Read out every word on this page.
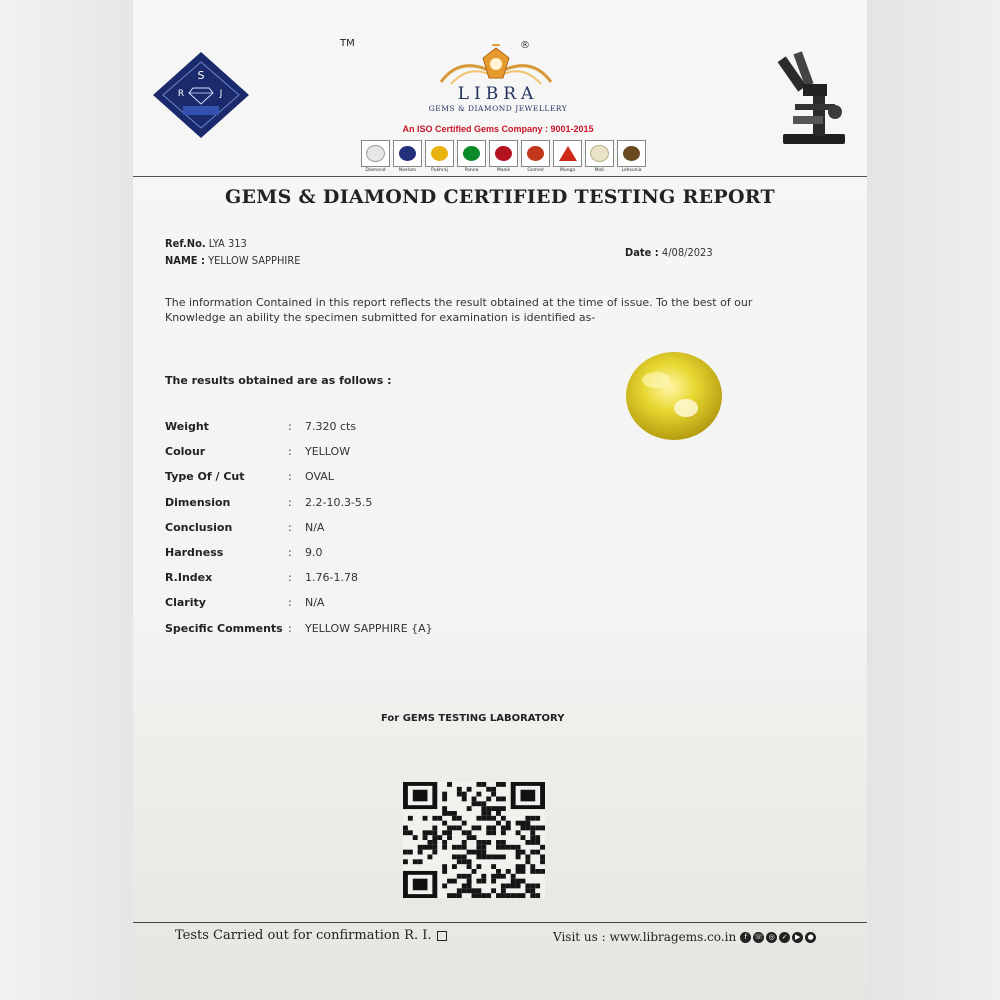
S
R	J
TM	®
LIBRA
GEMS & DIAMOND JEWELLERY
An ISO Certified Gems Company : 9001-2015
Diamond	Neelam	Pukhraj	Panna	Manik	Gomed	Munga	Moti	Lehsunia
GEMS & DIAMOND CERTIFIED TESTING REPORT
Ref.No. LYA 313
NAME : YELLOW SAPPHIRE
Date : 4/08/2023
The information Contained in this report reflects the result obtained at the time of issue. To the best of our
Knowledge an ability the specimen submitted for examination is identified as-
The results obtained are as follows :
Weight	: 7.320 cts
Colour	: YELLOW
Type Of / Cut	: OVAL
Dimension	: 2.2-10.3-5.5
Conclusion	: N/A
Hardness	: 9.0
R.Index	: 1.76-1.78
Clarity	: N/A
Specific Comments : YELLOW SAPPHIRE {A}
For GEMS TESTING LABORATORY
Tests Carried out for confirmation R. I.	Visit us : www.libragems.co.in	f	☏ ◎	✓	▶	●
